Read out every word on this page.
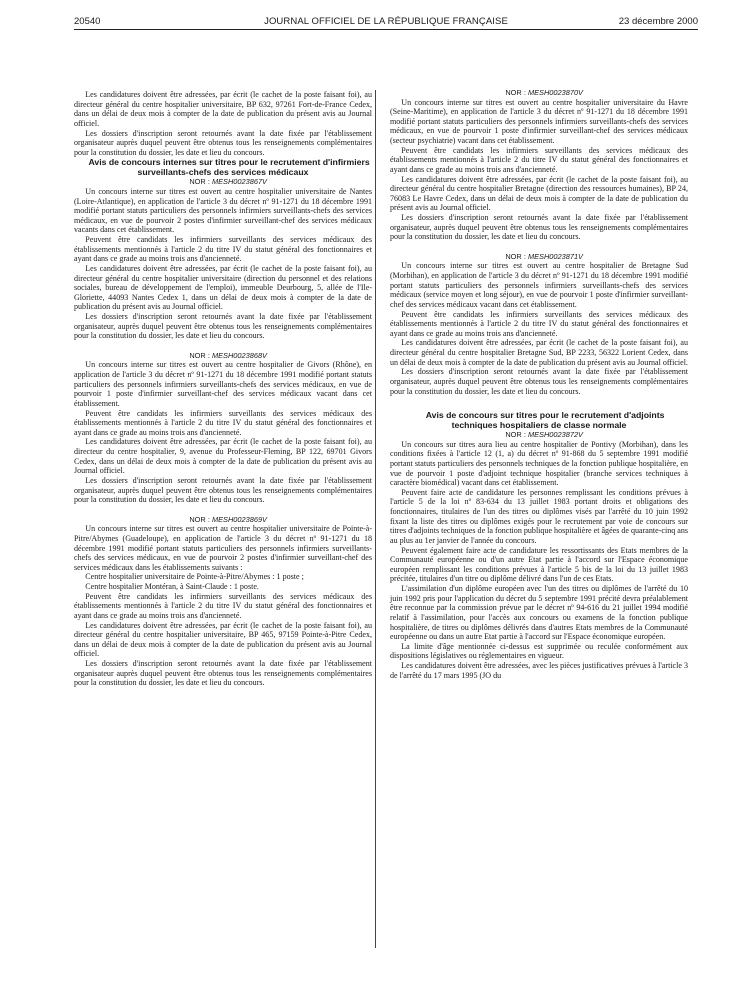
20540	JOURNAL OFFICIEL DE LA RÉPUBLIQUE FRANÇAISE	23 décembre 2000

Les candidatures doivent être adressées, par écrit (le cachet de la poste faisant foi), au directeur général du centre hospitalier universitaire, BP 632, 97261 Fort-de-France Cedex, dans un délai de deux mois à compter de la date de publication du présent avis au Journal officiel.

Les dossiers d'inscription seront retournés avant la date fixée par l'établissement organisateur auprès duquel peuvent être obtenus tous les renseignements complémentaires pour la constitution du dossier, les date et lieu du concours.

Avis de concours internes sur titres pour le recrutement d'infirmiers surveillants-chefs des services médicaux

NOR : MESH0023867V

Un concours interne sur titres est ouvert au centre hospitalier universitaire de Nantes (Loire-Atlantique), en application de l'article 3 du décret nº 91-1271 du 18 décembre 1991 modifié portant statuts particuliers des personnels infirmiers surveillants-chefs des services médicaux, en vue de pourvoir 2 postes d'infirmier surveillant-chef des services médicaux vacants dans cet établissement.

Peuvent être candidats les infirmiers surveillants des services médicaux des établissements mentionnés à l'article 2 du titre IV du statut général des fonctionnaires et ayant dans ce grade au moins trois ans d'ancienneté.

Les candidatures doivent être adressées, par écrit (le cachet de la poste faisant foi), au directeur général du centre hospitalier universitaire (direction du personnel et des relations sociales, bureau de développement de l'emploi), immeuble Deurbourg, 5, allée de l'Ile-Gloriette, 44093 Nantes Cedex 1, dans un délai de deux mois à compter de la date de publication du présent avis au Journal officiel.

Les dossiers d'inscription seront retournés avant la date fixée par l'établissement organisateur, auprès duquel peuvent être obtenus tous les renseignements complémentaires pour la constitution du dossier, les date et lieu du concours.

NOR : MESH0023868V

Un concours interne sur titres est ouvert au centre hospitalier de Givors (Rhône), en application de l'article 3 du décret nº 91-1271 du 18 décembre 1991 modifié portant statuts particuliers des personnels infirmiers surveillants-chefs des services médicaux, en vue de pourvoir 1 poste d'infirmier surveillant-chef des services médicaux vacant dans cet établissement.

Peuvent être candidats les infirmiers surveillants des services médicaux des établissements mentionnés à l'article 2 du titre IV du statut général des fonctionnaires et ayant dans ce grade au moins trois ans d'ancienneté.

Les candidatures doivent être adressées, par écrit (le cachet de la poste faisant foi), au directeur du centre hospitalier, 9, avenue du Professeur-Fleming, BP 122, 69701 Givors Cedex, dans un délai de deux mois à compter de la date de publication du présent avis au Journal officiel.

Les dossiers d'inscription seront retournés avant la date fixée par l'établissement organisateur, auprès duquel peuvent être obtenus tous les renseignements complémentaires pour la constitution du dossier, les date et lieu du concours.

NOR : MESH0023869V

Un concours interne sur titres est ouvert au centre hospitalier universitaire de Pointe-à-Pitre/Abymes (Guadeloupe), en application de l'article 3 du décret nº 91-1271 du 18 décembre 1991 modifié portant statuts particuliers des personnels infirmiers surveillants-chefs des services médicaux, en vue de pourvoir 2 postes d'infirmier surveillant-chef des services médicaux dans les établissements suivants :

Centre hospitalier universitaire de Pointe-à-Pitre/Abymes : 1 poste ;

Centre hospitalier Montéran, à Saint-Claude : 1 poste.

Peuvent être candidats les infirmiers surveillants des services médicaux des établissements mentionnés à l'article 2 du titre IV du statut général des fonctionnaires et ayant dans ce grade au moins trois ans d'ancienneté.

Les candidatures doivent être adressées, par écrit (le cachet de la poste faisant foi), au directeur général du centre hospitalier universitaire, BP 465, 97159 Pointe-à-Pitre Cedex, dans un délai de deux mois à compter de la date de publication du présent avis au Journal officiel.

Les dossiers d'inscription seront retournés avant la date fixée par l'établissement organisateur auprès duquel peuvent être obtenus tous les renseignements complémentaires pour la constitution du dossier, les date et lieu du concours.

NOR : MESH0023870V

Un concours interne sur titres est ouvert au centre hospitalier universitaire du Havre (Seine-Maritime), en application de l'article 3 du décret nº 91-1271 du 18 décembre 1991 modifié portant statuts particuliers des personnels infirmiers surveillants-chefs des services médicaux, en vue de pourvoir 1 poste d'infirmier surveillant-chef des services médicaux (secteur psychiatrie) vacant dans cet établissement.

Peuvent être candidats les infirmiers surveillants des services médicaux des établissements mentionnés à l'article 2 du titre IV du statut général des fonctionnaires et ayant dans ce grade au moins trois ans d'ancienneté.

Les candidatures doivent être adressées, par écrit (le cachet de la poste faisant foi), au directeur général du centre hospitalier Bretagne (direction des ressources humaines), BP 24, 76083 Le Havre Cedex, dans un délai de deux mois à compter de la date de publication du présent avis au Journal officiel.

Les dossiers d'inscription seront retournés avant la date fixée par l'établissement organisateur, auprès duquel peuvent être obtenus tous les renseignements complémentaires pour la constitution du dossier, les date et lieu du concours.

NOR : MESH0023871V

Un concours interne sur titres est ouvert au centre hospitalier de Bretagne Sud (Morbihan), en application de l'article 3 du décret nº 91-1271 du 18 décembre 1991 modifié portant statuts particuliers des personnels infirmiers surveillants-chefs des services médicaux (service moyen et long séjour), en vue de pourvoir 1 poste d'infirmier surveillant-chef des services médicaux vacant dans cet établissement.

Peuvent être candidats les infirmiers surveillants des services médicaux des établissements mentionnés à l'article 2 du titre IV du statut général des fonctionnaires et ayant dans ce grade au moins trois ans d'ancienneté.

Les candidatures doivent être adressées, par écrit (le cachet de la poste faisant foi), au directeur général du centre hospitalier Bretagne Sud, BP 2233, 56322 Lorient Cedex, dans un délai de deux mois à compter de la date de publication du présent avis au Journal officiel.

Les dossiers d'inscription seront retournés avant la date fixée par l'établissement organisateur, auprès duquel peuvent être obtenus tous les renseignements complémentaires pour la constitution du dossier, les date et lieu du concours.

Avis de concours sur titres pour le recrutement d'adjoints techniques hospitaliers de classe normale

NOR : MESH0023872V

Un concours sur titres aura lieu au centre hospitalier de Pontivy (Morbihan), dans les conditions fixées à l'article 12 (1, a) du décret nº 91-868 du 5 septembre 1991 modifié portant statuts particuliers des personnels techniques de la fonction publique hospitalière, en vue de pourvoir 1 poste d'adjoint technique hospitalier (branche services techniques à caractère biomédical) vacant dans cet établissement.

Peuvent faire acte de candidature les personnes remplissant les conditions prévues à l'article 5 de la loi nº 83-634 du 13 juillet 1983 portant droits et obligations des fonctionnaires, titulaires de l'un des titres ou diplômes visés par l'arrêté du 10 juin 1992 fixant la liste des titres ou diplômes exigés pour le recrutement par voie de concours sur titres d'adjoints techniques de la fonction publique hospitalière et âgées de quarante-cinq ans au plus au 1er janvier de l'année du concours.

Peuvent également faire acte de candidature les ressortissants des Etats membres de la Communauté européenne ou d'un autre Etat partie à l'accord sur l'Espace économique européen remplissant les conditions prévues à l'article 5 bis de la loi du 13 juillet 1983 précitée, titulaires d'un titre ou diplôme délivré dans l'un de ces Etats.

L'assimilation d'un diplôme européen avec l'un des titres ou diplômes de l'arrêté du 10 juin 1992 pris pour l'application du décret du 5 septembre 1991 précité devra préalablement être reconnue par la commission prévue par le décret nº 94-616 du 21 juillet 1994 modifié relatif à l'assimilation, pour l'accès aux concours ou examens de la fonction publique hospitalière, de titres ou diplômes délivrés dans d'autres Etats membres de la Communauté européenne ou dans un autre Etat partie à l'accord sur l'Espace économique européen.

La limite d'âge mentionnée ci-dessus est supprimée ou reculée conformément aux dispositions législatives ou réglementaires en vigueur.

Les candidatures doivent être adressées, avec les pièces justificatives prévues à l'article 3 de l'arrêté du 17 mars 1995 (JO du
